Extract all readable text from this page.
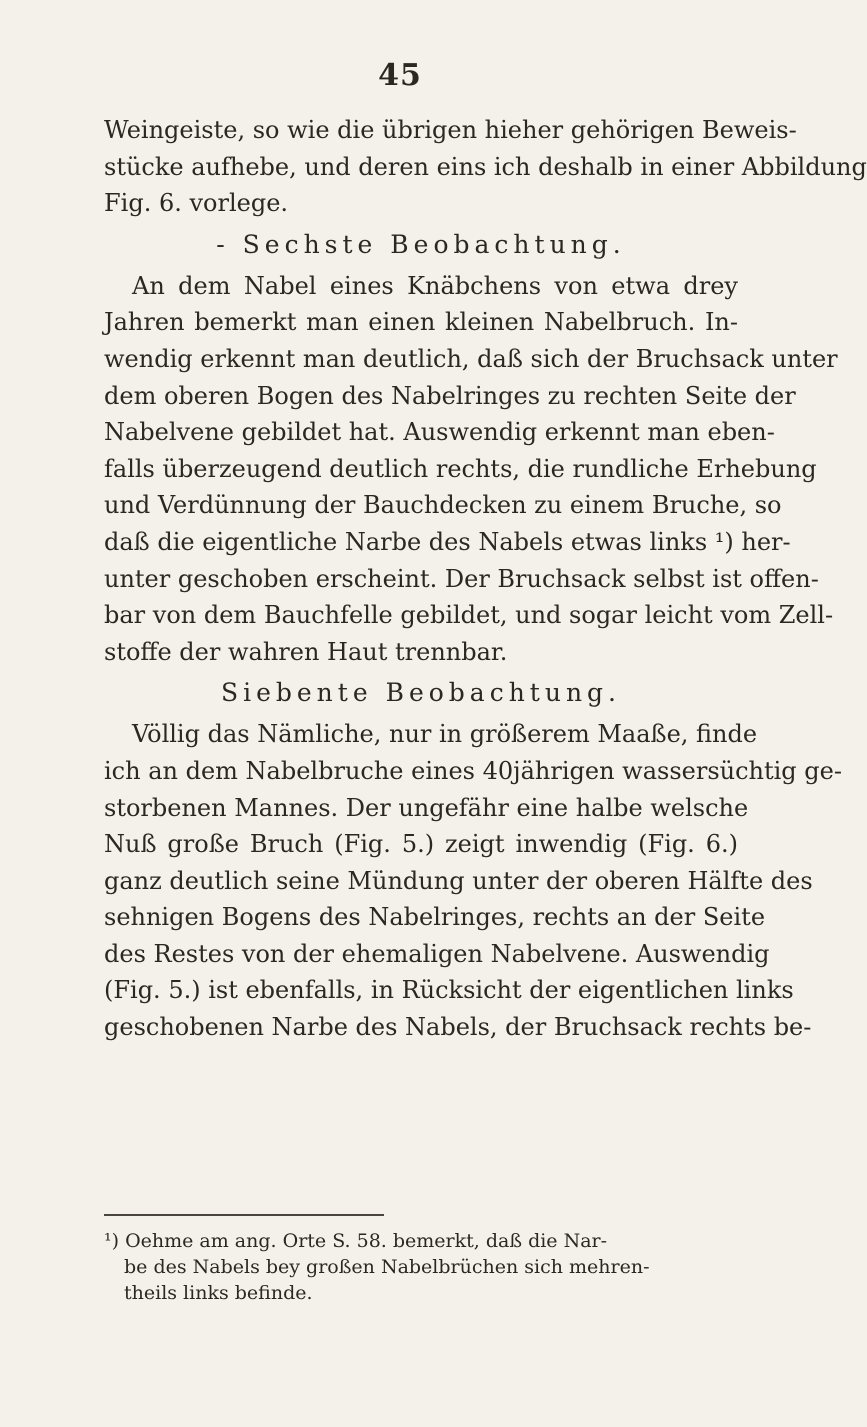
45
Weingeiste, so wie die übrigen hieher gehörigen Beweis-
stücke aufhebe, und deren eins ich deshalb in einer Abbildung
Fig. 6. vorlege.
- Sechste Beobachtung.
An dem Nabel eines Knäbchens von etwa drey
Jahren bemerkt man einen kleinen Nabelbruch. In-
wendig erkennt man deutlich, daß sich der Bruchsack unter
dem oberen Bogen des Nabelringes zu rechten Seite der
Nabelvene gebildet hat. Auswendig erkennt man eben-
falls überzeugend deutlich rechts, die rundliche Erhebung
und Verdünnung der Bauchdecken zu einem Bruche, so
daß die eigentliche Narbe des Nabels etwas links ¹) her-
unter geschoben erscheint. Der Bruchsack selbst ist offen-
bar von dem Bauchfelle gebildet, und sogar leicht vom Zell-
stoffe der wahren Haut trennbar.
Siebente Beobachtung.
Völlig das Nämliche, nur in größerem Maaße, finde
ich an dem Nabelbruche eines 40jährigen wassersüchtig ge-
storbenen Mannes. Der ungefähr eine halbe welsche
Nuß große Bruch (Fig. 5.) zeigt inwendig (Fig. 6.)
ganz deutlich seine Mündung unter der oberen Hälfte des
sehnigen Bogens des Nabelringes, rechts an der Seite
des Restes von der ehemaligen Nabelvene. Auswendig
(Fig. 5.) ist ebenfalls, in Rücksicht der eigentlichen links
geschobenen Narbe des Nabels, der Bruchsack rechts be-
¹) Oehme am ang. Orte S. 58. bemerkt, daß die Nar-
be des Nabels bey großen Nabelbrüchen sich mehren-
theils links befinde.
